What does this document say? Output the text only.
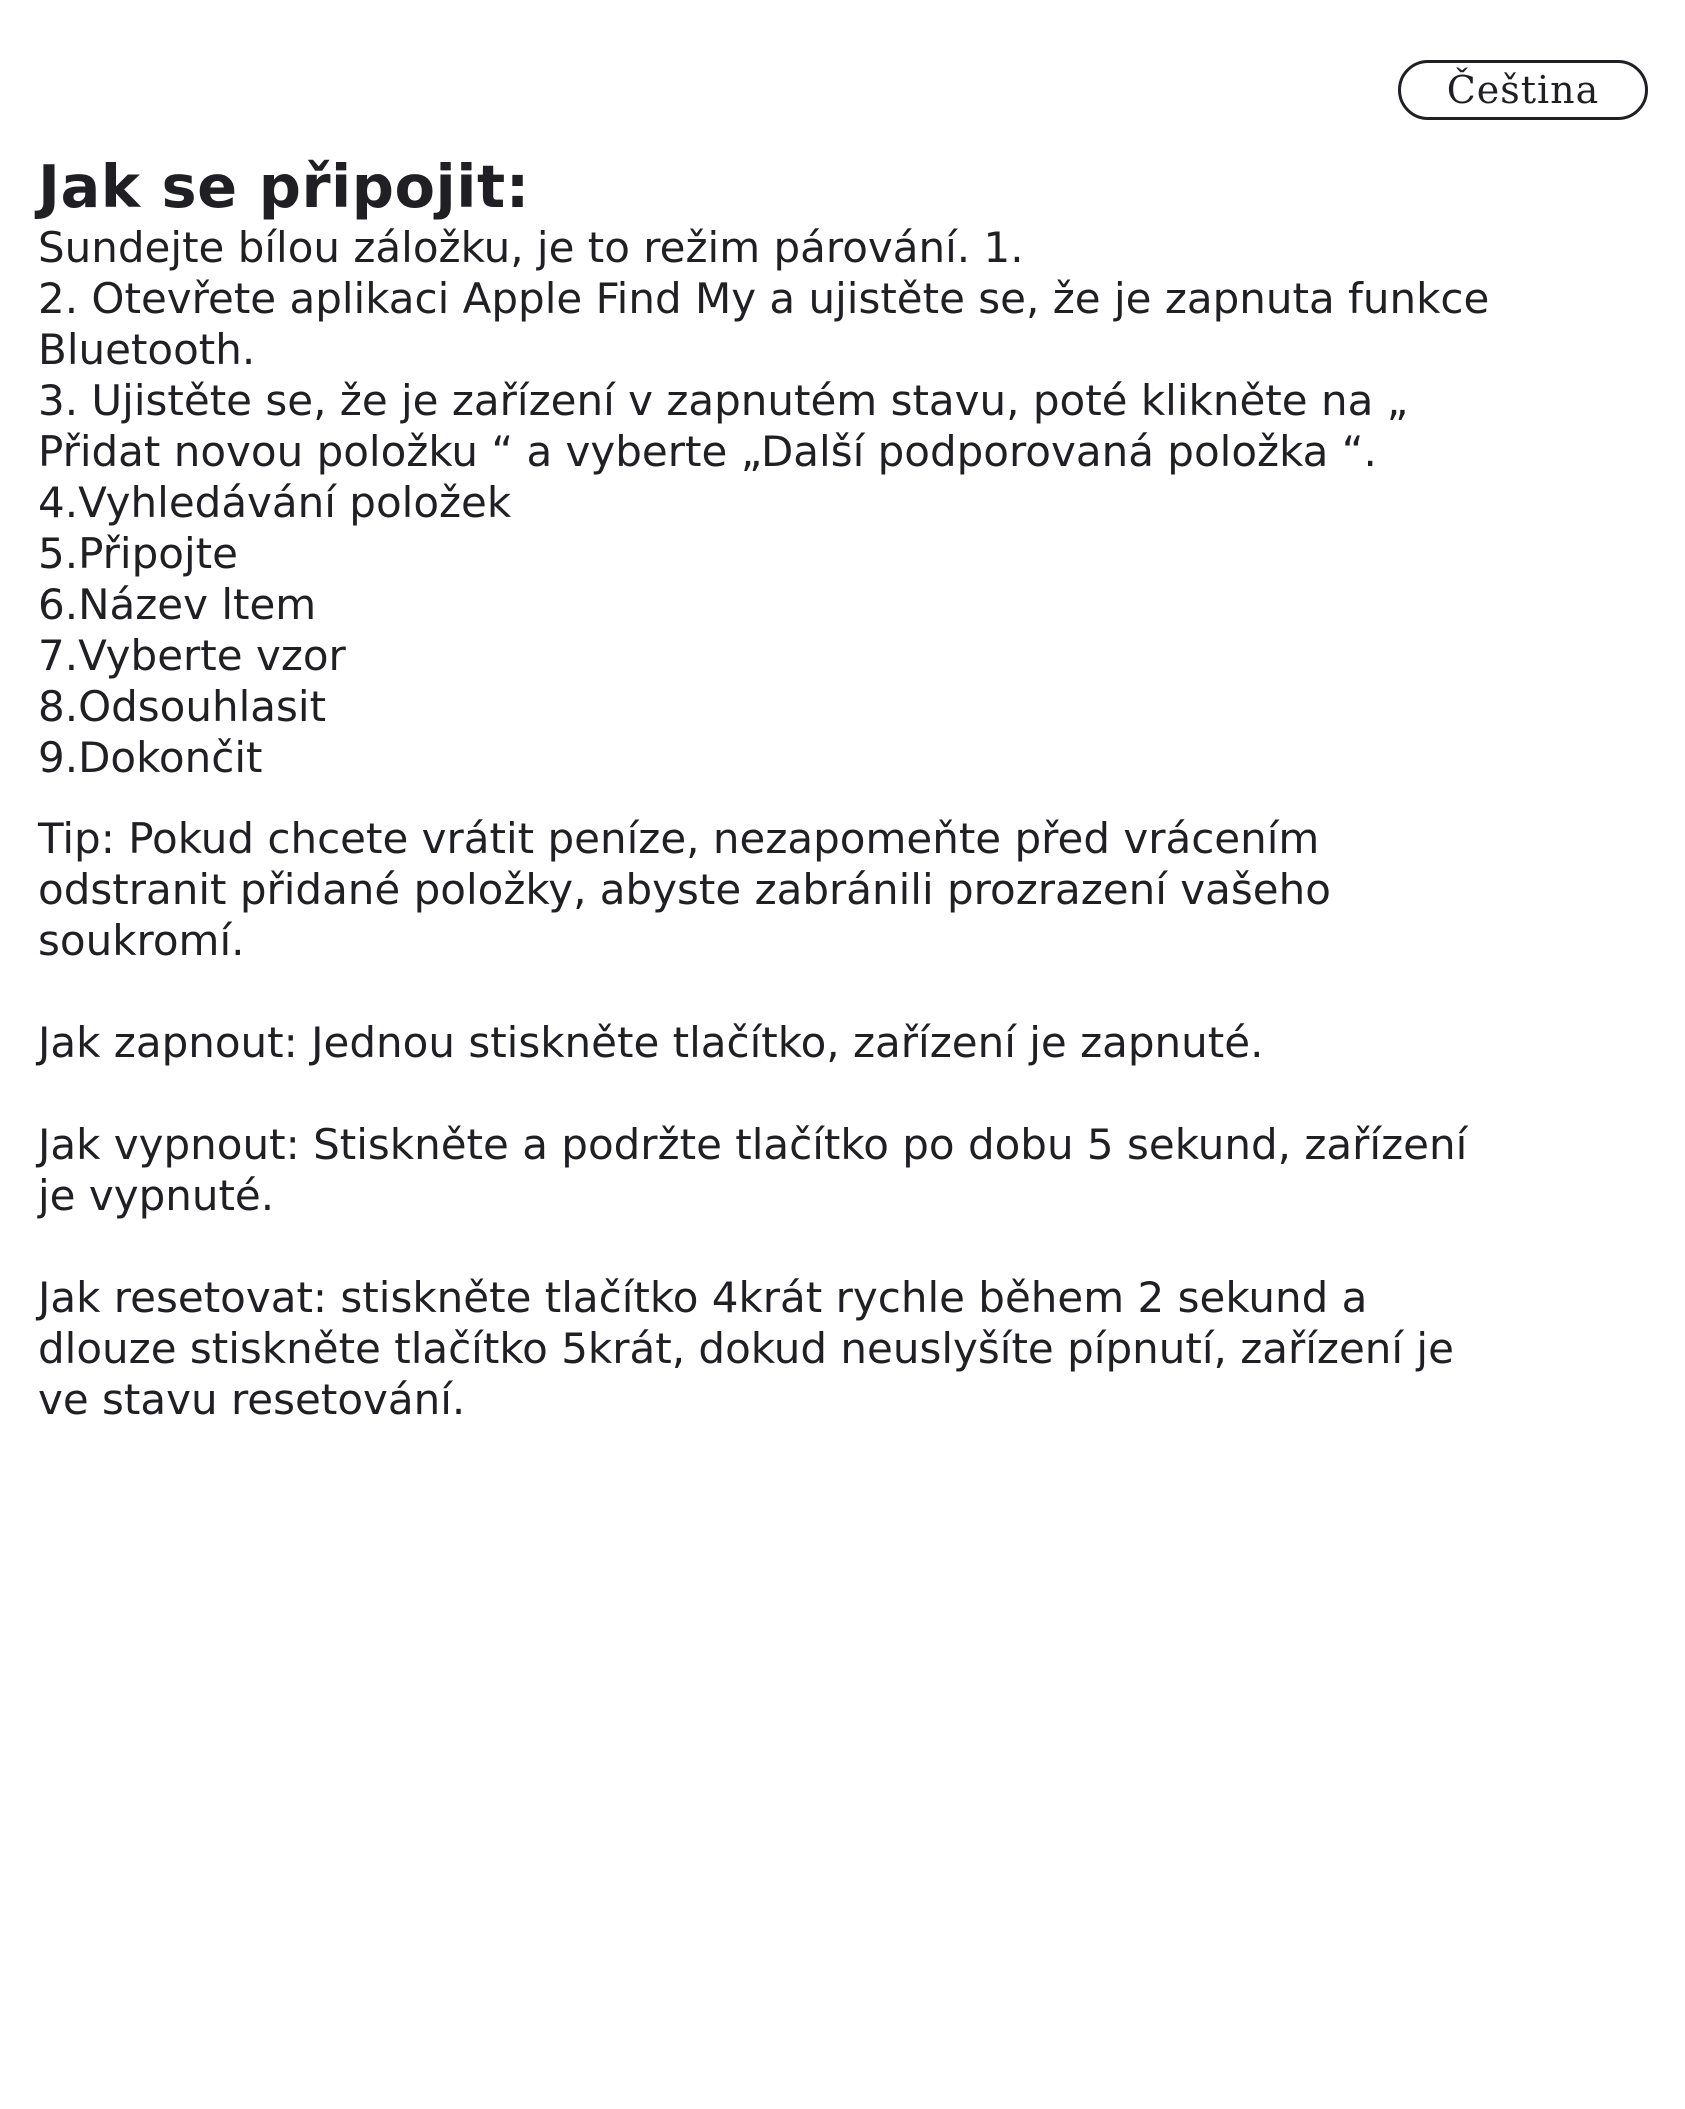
Čeština
Jak se připojit:

Sundejte bílou záložku, je to režim párování. 1.

2. Otevřete aplikaci Apple Find My a ujistěte se, že je zapnuta funkce

Bluetooth.

3. Ujistěte se, že je zařízení v zapnutém stavu, poté klikněte na „

Přidat novou položku “ a vyberte „Další podporovaná položka “.

4.Vyhledávání položek

5.Připojte

6.Název ltem

7.Vyberte vzor

8.Odsouhlasit

9.Dokončit

Tip: Pokud chcete vrátit peníze, nezapomeňte před vrácením

odstranit přidané položky, abyste zabránili prozrazení vašeho

soukromí.

Jak zapnout: Jednou stiskněte tlačítko, zařízení je zapnuté.

Jak vypnout: Stiskněte a podržte tlačítko po dobu 5 sekund, zařízení

je vypnuté.

Jak resetovat: stiskněte tlačítko 4krát rychle během 2 sekund a

dlouze stiskněte tlačítko 5krát, dokud neuslyšíte pípnutí, zařízení je

ve stavu resetování.
